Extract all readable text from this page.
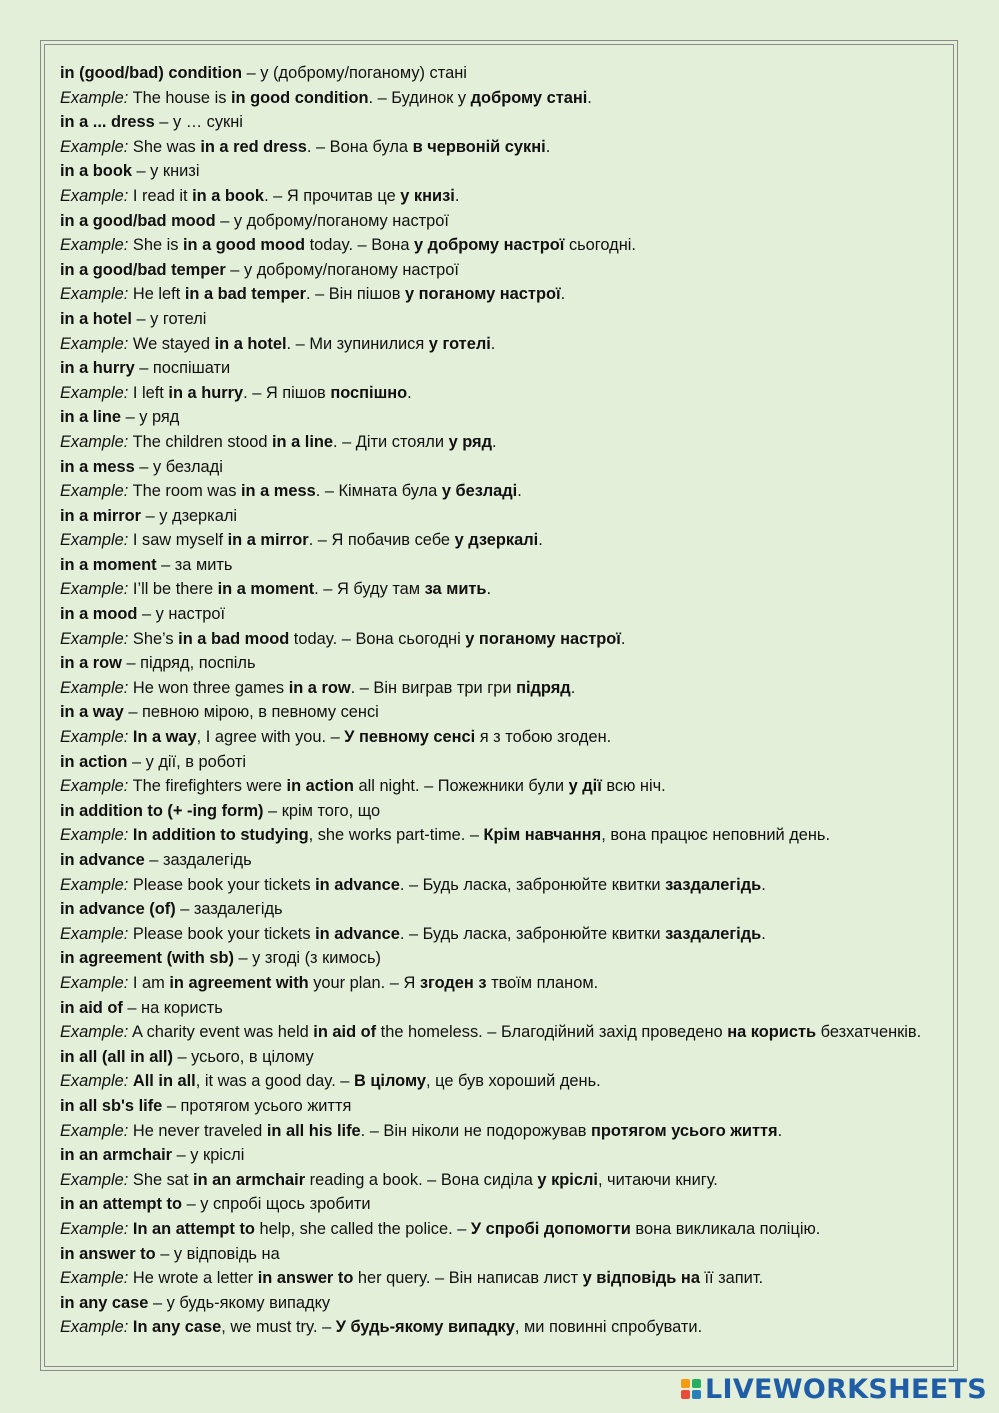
in (good/bad) condition – у (доброму/поганому) стані
Example: The house is in good condition. – Будинок у доброму стані.
in a ... dress – у … сукні
Example: She was in a red dress. – Вона була в червоній сукні.
in a book – у книзі
Example: I read it in a book. – Я прочитав це у книзі.
in a good/bad mood – у доброму/поганому настрої
Example: She is in a good mood today. – Вона у доброму настрої сьогодні.
in a good/bad temper – у доброму/поганому настрої
Example: He left in a bad temper. – Він пішов у поганому настрої.
in a hotel – у готелі
Example: We stayed in a hotel. – Ми зупинилися у готелі.
in a hurry – поспішати
Example: I left in a hurry. – Я пішов поспішно.
in a line – у ряд
Example: The children stood in a line. – Діти стояли у ряд.
in a mess – у безладі
Example: The room was in a mess. – Кімната була у безладі.
in a mirror – у дзеркалі
Example: I saw myself in a mirror. – Я побачив себе у дзеркалі.
in a moment – за мить
Example: I’ll be there in a moment. – Я буду там за мить.
in a mood – у настрої
Example: She’s in a bad mood today. – Вона сьогодні у поганому настрої.
in a row – підряд, поспіль
Example: He won three games in a row. – Він виграв три гри підряд.
in a way – певною мірою, в певному сенсі
Example: In a way, I agree with you. – У певному сенсі я з тобою згоден.
in action – у дії, в роботі
Example: The firefighters were in action all night. – Пожежники були у дії всю ніч.
in addition to (+ -ing form) – крім того, що
Example: In addition to studying, she works part-time. – Крім навчання, вона працює неповний день.
in advance – заздалегідь
Example: Please book your tickets in advance. – Будь ласка, забронюйте квитки заздалегідь.
in advance (of) – заздалегідь
Example: Please book your tickets in advance. – Будь ласка, забронюйте квитки заздалегідь.
in agreement (with sb) – у згоді (з кимось)
Example: I am in agreement with your plan. – Я згоден з твоїм планом.
in aid of – на користь
Example: A charity event was held in aid of the homeless. – Благодійний захід проведено на користь безхатченків.
in all (all in all) – усього, в цілому
Example: All in all, it was a good day. – В цілому, це був хороший день.
in all sb's life – протягом усього життя
Example: He never traveled in all his life. – Він ніколи не подорожував протягом усього життя.
in an armchair – у кріслі
Example: She sat in an armchair reading a book. – Вона сиділа у кріслі, читаючи книгу.
in an attempt to – у спробі щось зробити
Example: In an attempt to help, she called the police. – У спробі допомогти вона викликала поліцію.
in answer to – у відповідь на
Example: He wrote a letter in answer to her query. – Він написав лист у відповідь на її запит.
in any case – у будь-якому випадку
Example: In any case, we must try. – У будь-якому випадку, ми повинні спробувати.
LIVEWORKSHEETS
